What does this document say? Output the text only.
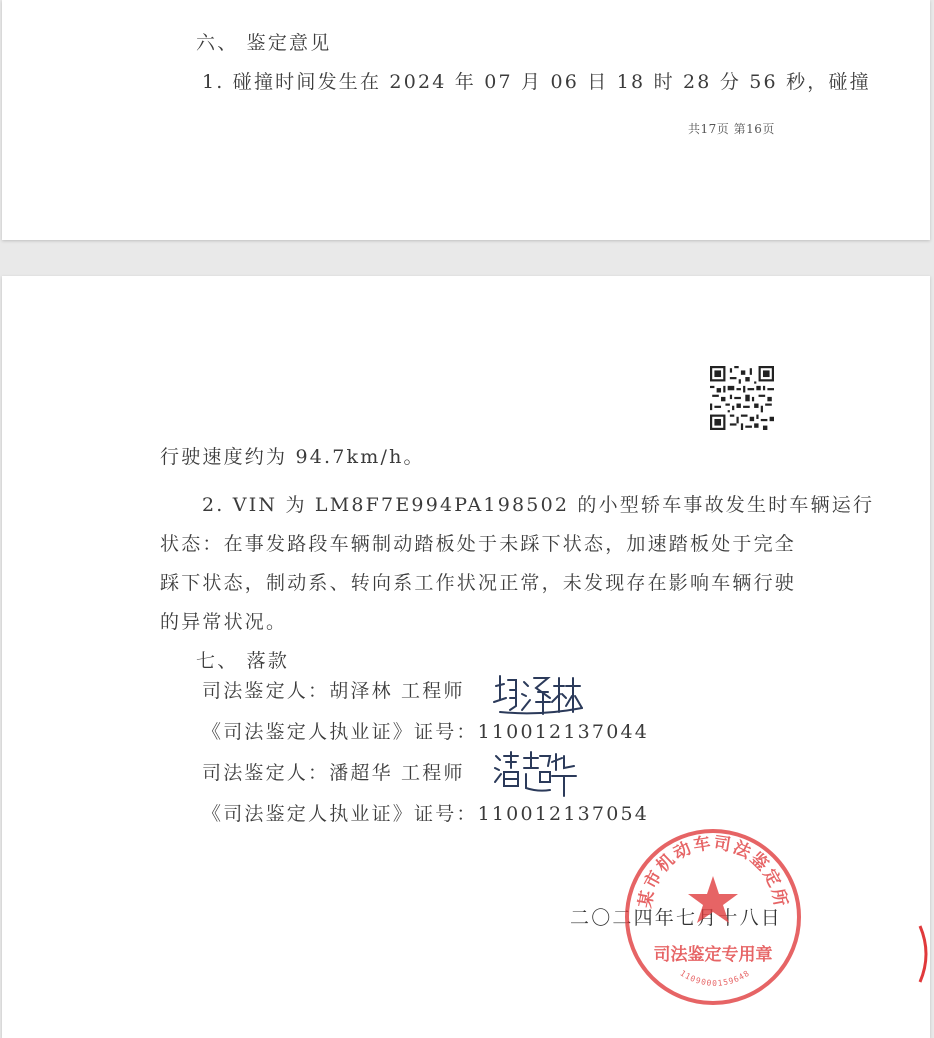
六、 鉴定意见
1. 碰撞时间发生在 2024 年 07 月 06 日 18 时 28 分 56 秒，碰撞
共17页 第16页
行驶速度约为 94.7km/h。
2. VIN 为 LM8F7E994PA198502 的小型轿车事故发生时车辆运行
状态：在事发路段车辆制动踏板处于未踩下状态，加速踏板处于完全
踩下状态，制动系、转向系工作状况正常，未发现存在影响车辆行驶
的异常状况。
七、 落款
司法鉴定人：胡泽林 工程师
《司法鉴定人执业证》证号：110012137044
司法鉴定人：潘超华 工程师
《司法鉴定人执业证》证号：110012137054
二〇二四年七月十八日
某市机动车司法鉴定所
司法鉴定专用章
1109000159648
